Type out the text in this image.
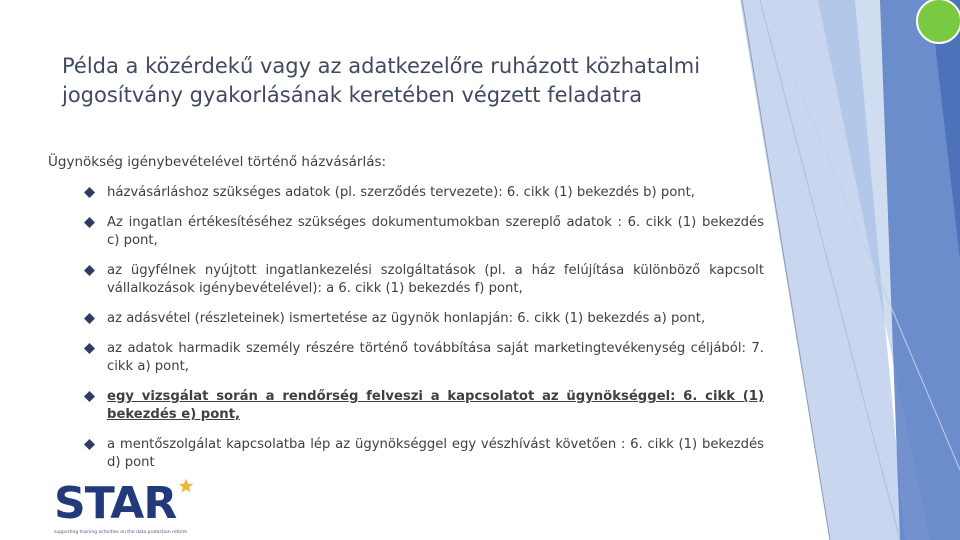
Példa a közérdekű vagy az adatkezelőre ruházott közhatalmi jogosítvány gyakorlásának keretében végzett feladatra
Ügynökség igénybevételével történő házvásárlás:
házvásárláshoz szükséges adatok (pl. szerződés tervezete): 6. cikk (1) bekezdés b) pont,
Az ingatlan értékesítéséhez szükséges dokumentumokban szereplő adatok : 6. cikk (1) bekezdés c) pont,
az ügyfélnek nyújtott ingatlankezelési szolgáltatások (pl. a ház felújítása különböző kapcsolt vállalkozások igénybevételével): a 6. cikk (1) bekezdés f) pont,
az adásvétel (részleteinek) ismertetése az ügynök honlapján: 6. cikk (1) bekezdés a) pont,
az adatok harmadik személy részére történő továbbítása saját marketingtevékenység céljából: 7. cikk a) pont,
egy vizsgálat során a rendőrség felveszi a kapcsolatot az ügynökséggel: 6. cikk (1) bekezdés e) pont,
a mentőszolgálat kapcsolatba lép az ügynökséggel egy vészhívást követően : 6. cikk (1) bekezdés d) pont
STAR
supporting training activities on the data protection reform
